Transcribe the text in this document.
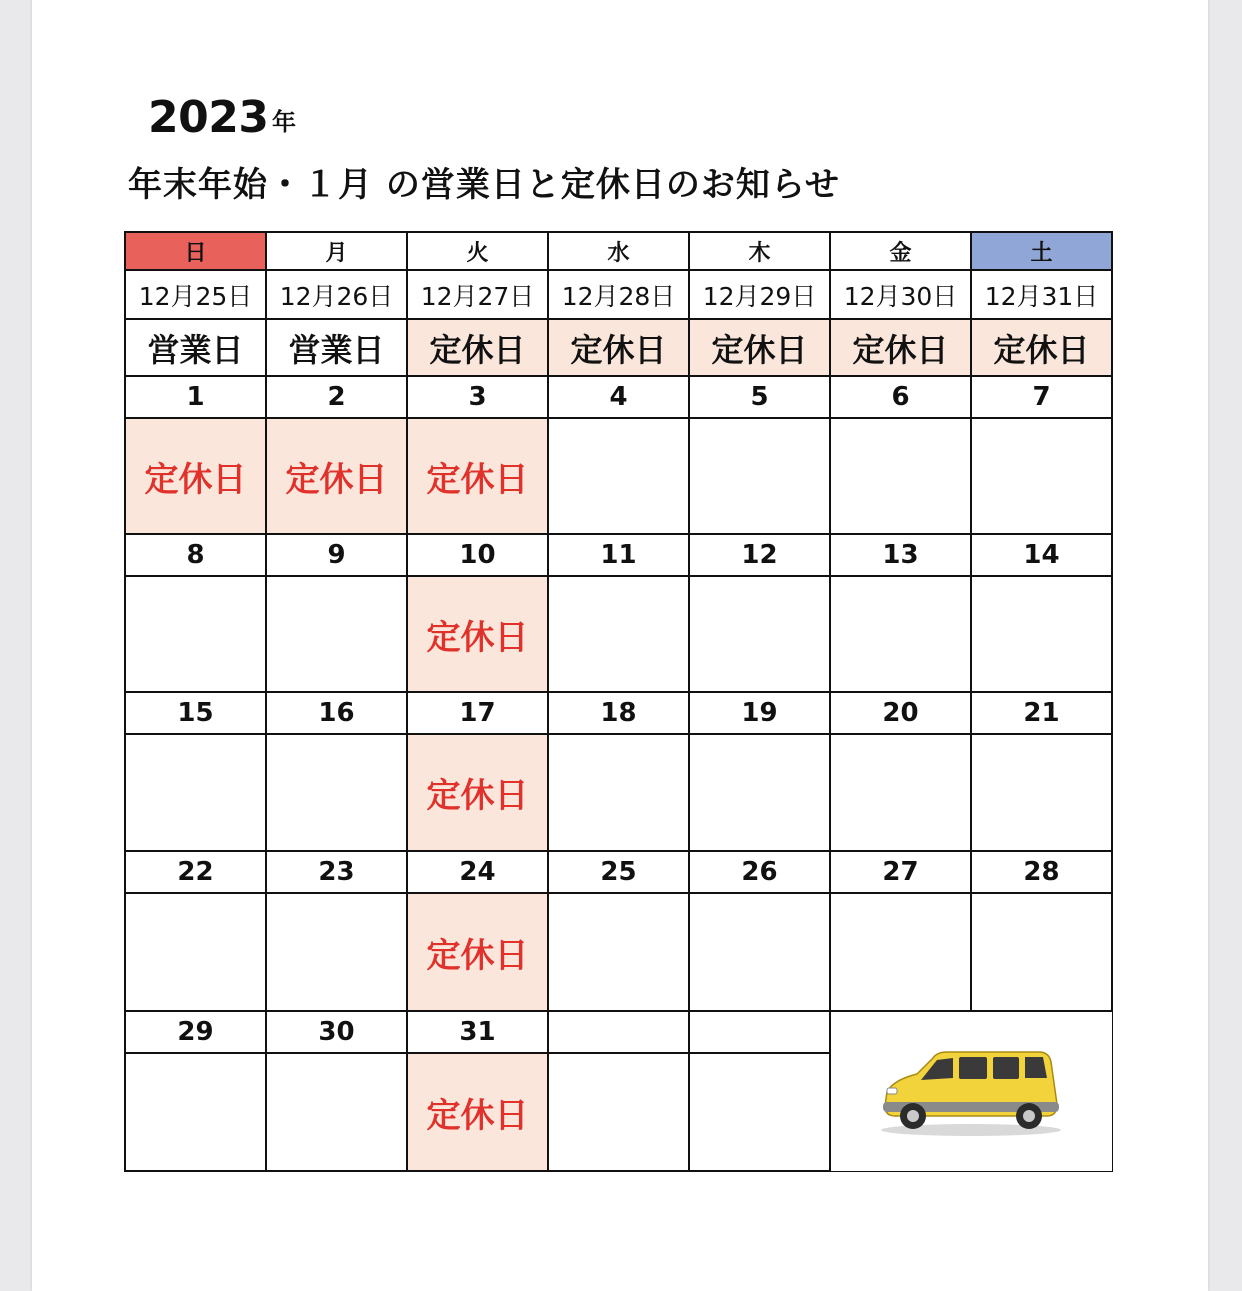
2023 年
年末年始・１月 の営業日と定休日のお知らせ
日	月	火	水	木	金	土
12月25日	12月26日	12月27日	12月28日	12月29日	12月30日	12月31日
営業日	営業日	定休日	定休日	定休日	定休日	定休日
1	2	3	4	5	6	7
定休日	定休日	定休日				
8	9	10	11	12	13	14
		定休日				
15	16	17	18	19	20	21
		定休日				
22	23	24	25	26	27	28
		定休日				
29	30	31			

		定休日				
